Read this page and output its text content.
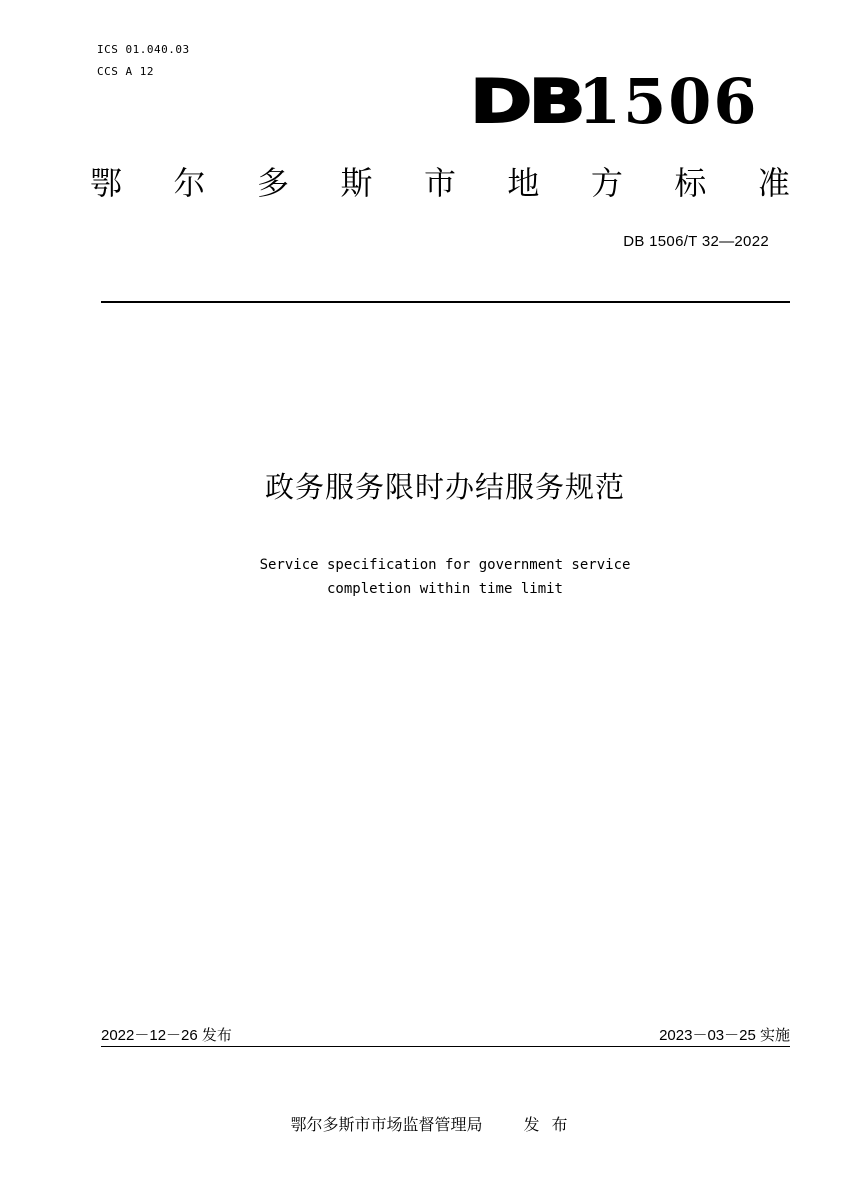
ICS 01.040.03
CCS A 12	DB
1506
鄂 尔 多 斯 市 地 方 标 准
DB 1506/T 32—2022
政务服务限时办结服务规范
Service specification for government service
completion within time limit
2022－12－26 发布	2023－03－25 实施
鄂尔多斯市市场监督管理局	发布
